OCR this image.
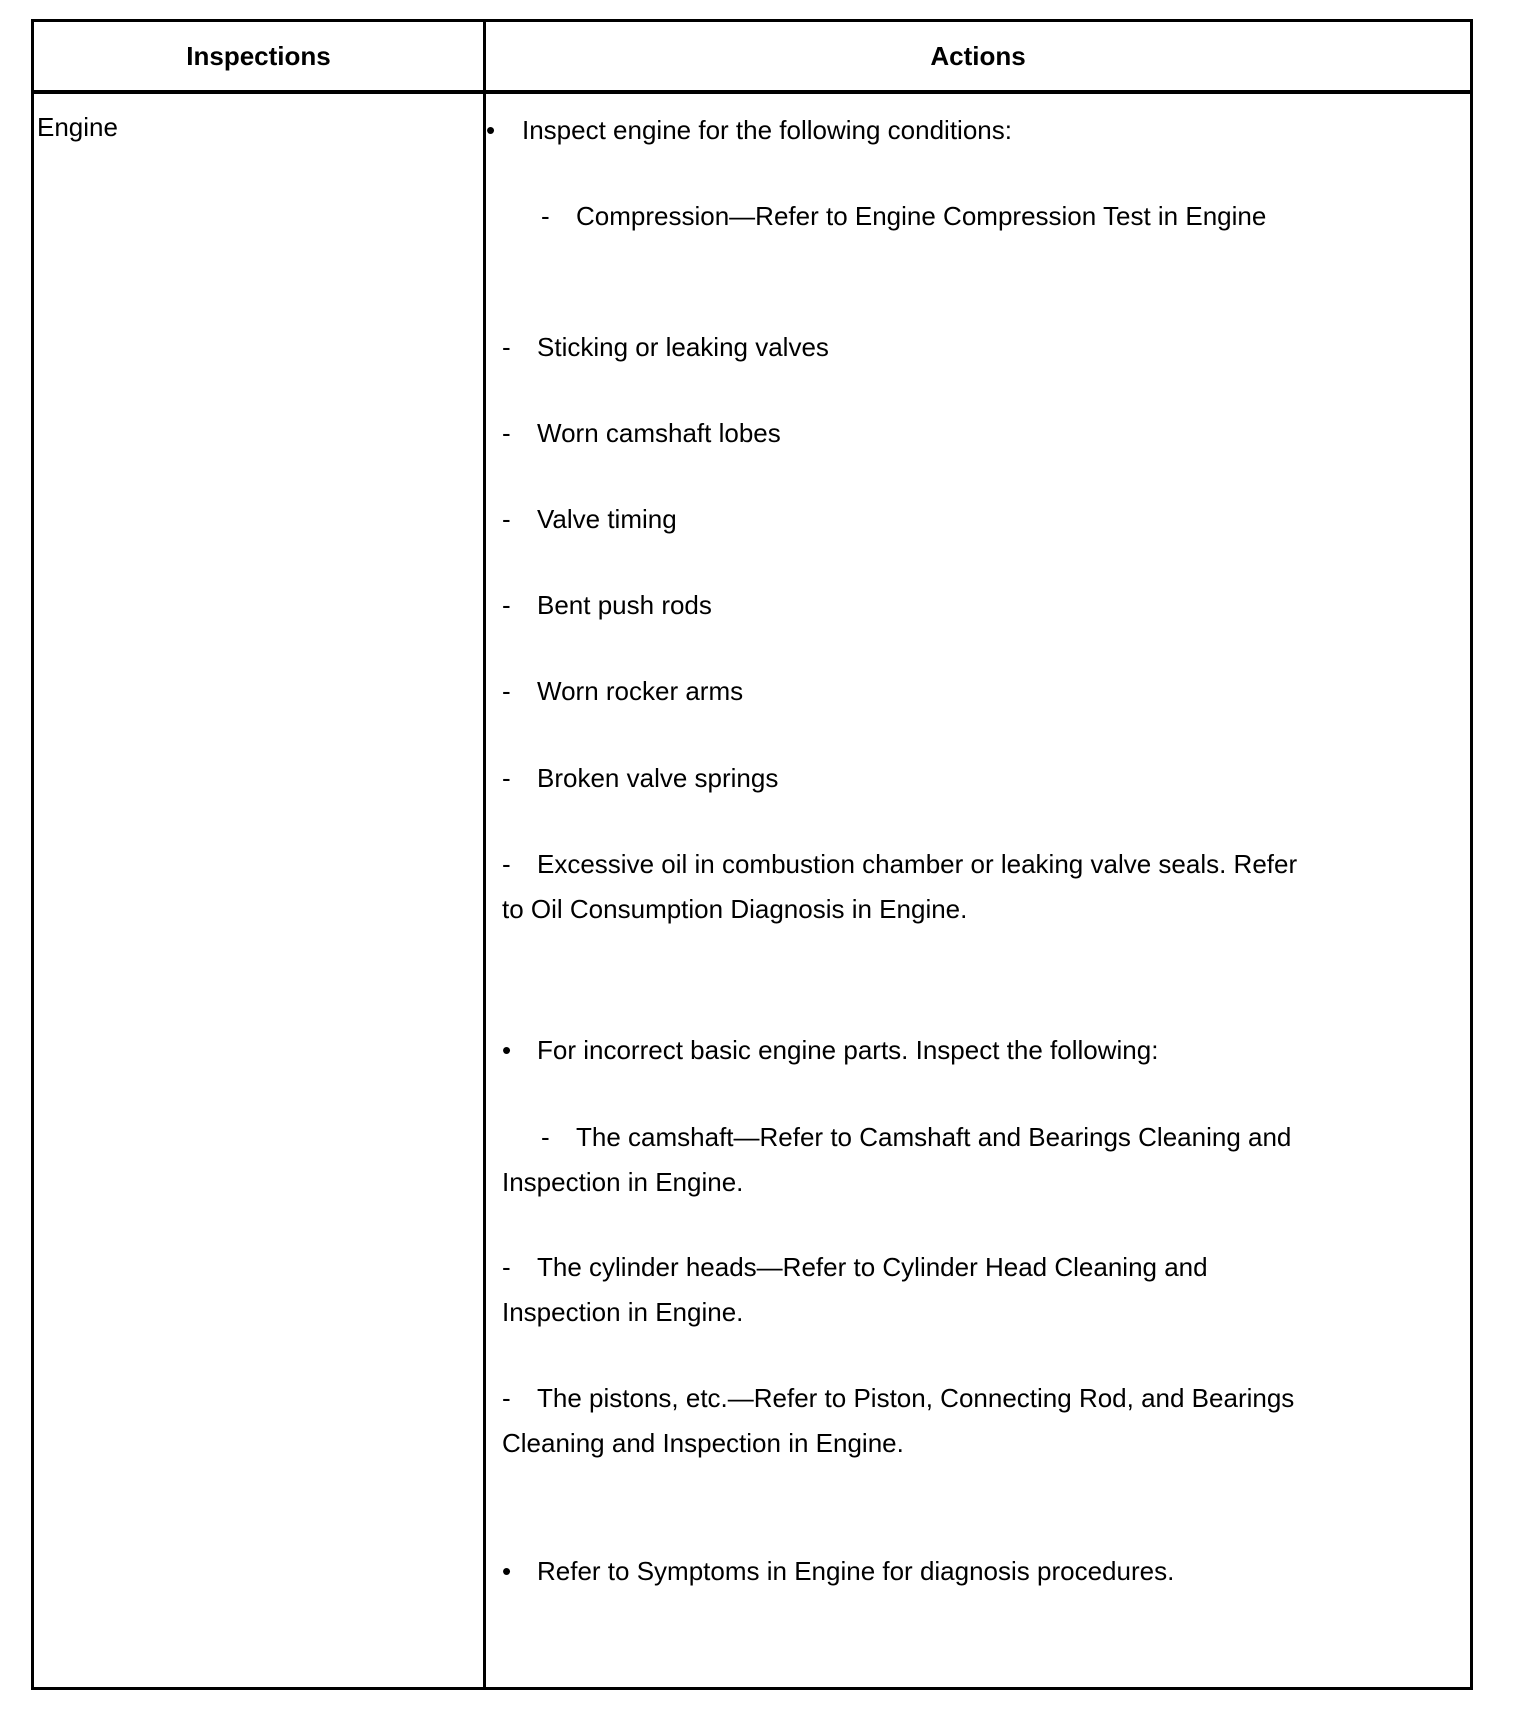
Inspections	Actions
Engine	• Inspect engine for the following conditions:
- Compression—Refer to Engine Compression Test in Engine
- Sticking or leaking valves
- Worn camshaft lobes
- Valve timing
- Bent push rods
- Worn rocker arms
- Broken valve springs
- Excessive oil in combustion chamber or leaking valve seals. Refer
to Oil Consumption Diagnosis in Engine.
• For incorrect basic engine parts. Inspect the following:
- The camshaft—Refer to Camshaft and Bearings Cleaning and
Inspection in Engine.
- The cylinder heads—Refer to Cylinder Head Cleaning and
Inspection in Engine.
- The pistons, etc.—Refer to Piston, Connecting Rod, and Bearings
Cleaning and Inspection in Engine.
• Refer to Symptoms in Engine for diagnosis procedures.
